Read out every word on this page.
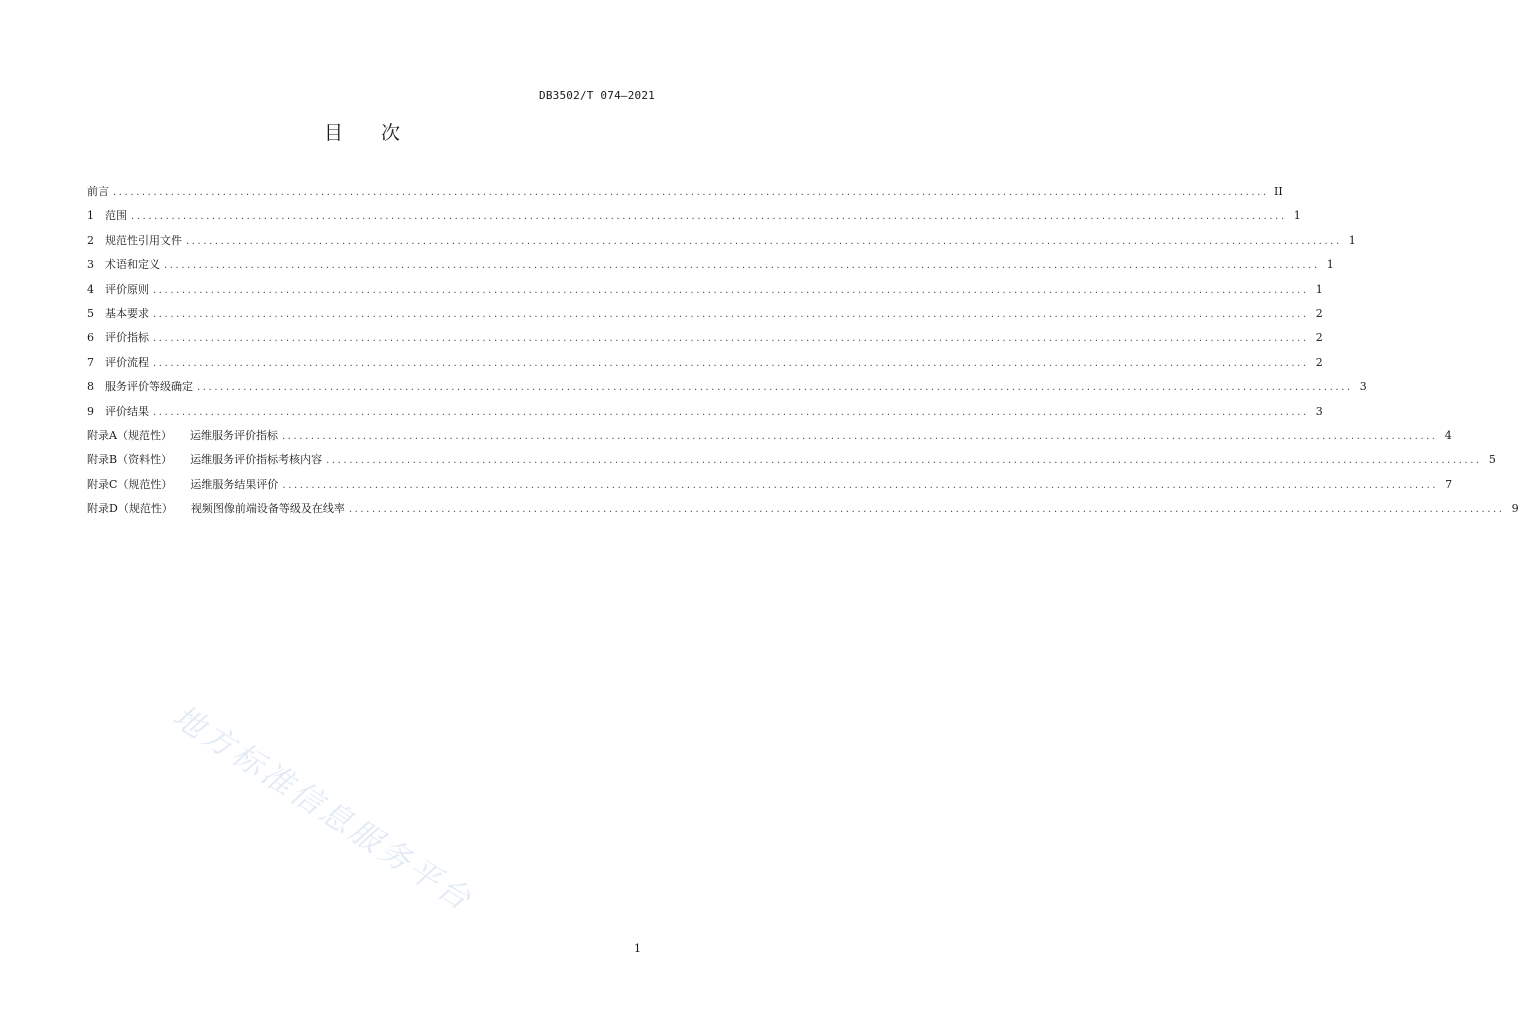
DB3502/T 074—2021
目 次
前言 ........................................................................................................................................................................................................ II
1	范围 ........................................................................................................................................................................................................ 1
2	规范性引用文件 ........................................................................................................................................................................................................ 1
3	术语和定义 ........................................................................................................................................................................................................ 1
4	评价原则 ........................................................................................................................................................................................................ 1
5	基本要求 ........................................................................................................................................................................................................ 2
6	评价指标 ........................................................................................................................................................................................................ 2
7	评价流程 ........................................................................................................................................................................................................ 2
8	服务评价等级确定 ........................................................................................................................................................................................................ 3
9	评价结果 ........................................................................................................................................................................................................ 3
附录A（规范性） 运维服务评价指标 ........................................................................................................................................................................................................ 4
附录B（资料性） 运维服务评价指标考核内容 ........................................................................................................................................................................................................ 5
附录C（规范性） 运维服务结果评价 ........................................................................................................................................................................................................ 7
附录D（规范性） 视频图像前端设备等级及在线率 ........................................................................................................................................................................................................ 9
地方标准信息服务平台
1
